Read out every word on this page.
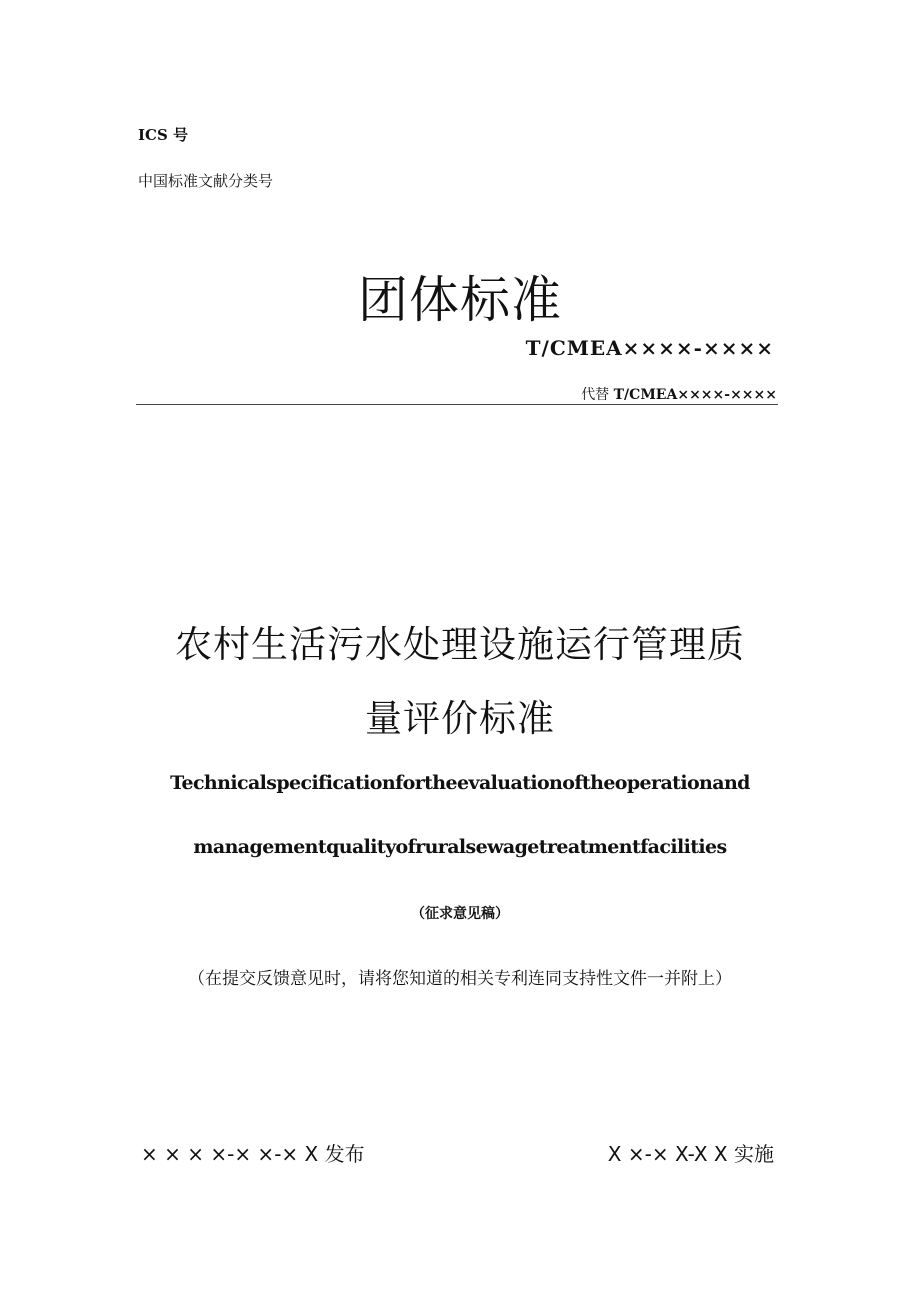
ICS 号
中国标准文献分类号
团体标准
T/CMEA××××-××××
代替 T/CMEA××××-××××
农村生活污水处理设施运行管理质
量评价标准
Technicalspecificationfortheevaluationoftheoperationand
managementqualityofruralsewagetreatmentfacilities
（征求意见稿）
（在提交反馈意见时，请将您知道的相关专利连同支持性文件一并附上）
× × × ×-× ×-× X 发布	X ×-× X-X X 实施
